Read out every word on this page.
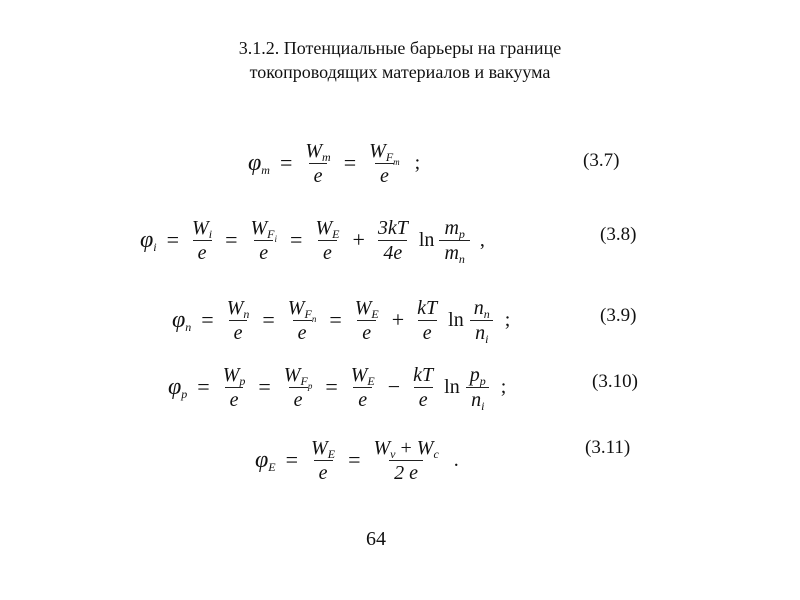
3.1.2. Потенциальные барьеры на границе
токопроводящих материалов и вакуума
$\varphi_m = \frac{W_m}{e} = \frac{W_{F_m}}{e}$ ;
$\varphi_i = \frac{W_i}{e} = \frac{W_{F_i}}{e} = \frac{W_E}{e} + \frac{3kT}{4e}$ $\ln \frac{m_p}{m_n}$ ,
$\varphi_n = \frac{W_n}{e} = \frac{W_{F_n}}{e} = \frac{W_E}{e} + \frac{kT}{e}$ $\ln \frac{n_n}{n_i}$ ;
$\varphi_p = \frac{W_p}{e} = \frac{W_{F_p}}{e} = \frac{W_E}{e} - \frac{kT}{e}$ $\ln \frac{p_p}{n_i}$ ;
$\varphi_E = \frac{W_E}{e} = \frac{W_v + W_c}{2 e}$ .
64
(3.7)
(3.8)
(3.9)
(3.10)
(3.11)
